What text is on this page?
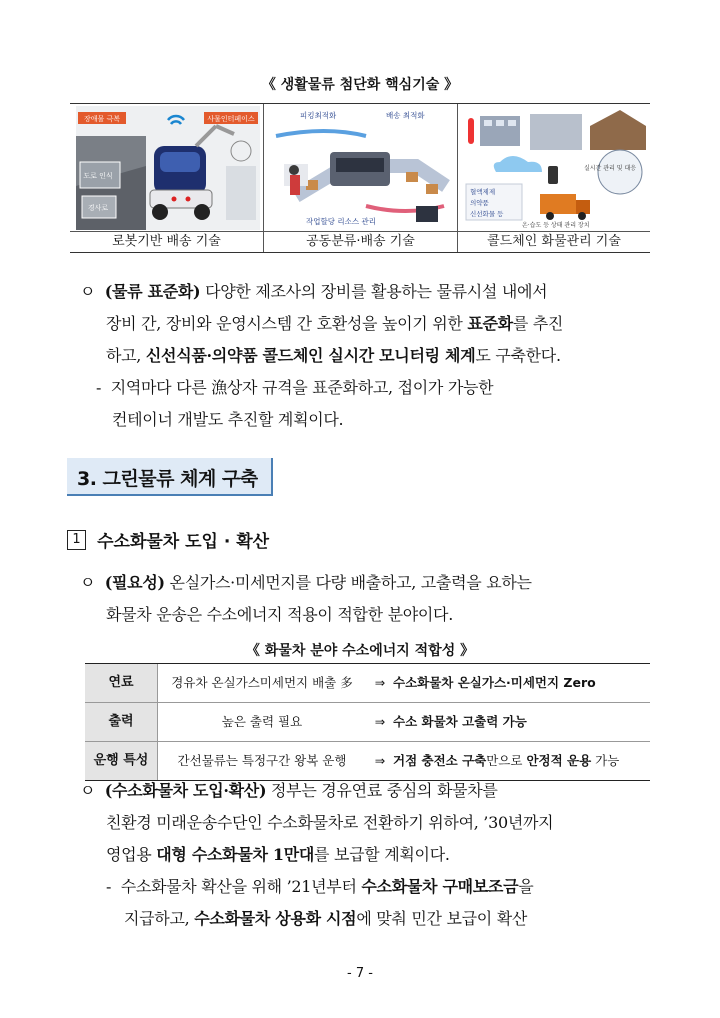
《 생활물류 첨단화 핵심기술 》
장애물 극복	사물인터페이스
도로 인식
경사로
피킹최적화	배송 최적화
작업할당 리소스 관리
혈액제제
의약품
신선화물 등
실시간 관리 및 대응
온·습도 등 상태 관리 장치
로봇기반 배송 기술	공동분류·배송 기술	콜드체인 화물관리 기술
ㅇ (물류 표준화) 다양한 제조사의 장비를 활용하는 물류시설 내에서
장비 간, 장비와 운영시스템 간 호환성을 높이기 위한 표준화를 추진
하고, 신선식품·의약품 콜드체인 실시간 모니터링 체계도 구축한다.
- 지역마다 다른 漁상자 규격을 표준화하고, 접이가 가능한
컨테이너 개발도 추진할 계획이다.
3. 그린물류 체계 구축
1 수소화물차 도입 · 확산
ㅇ (필요성) 온실가스·미세먼지를 다량 배출하고, 고출력을 요하는
화물차 운송은 수소에너지 적용이 적합한 분야이다.
《 화물차 분야 수소에너지 적합성 》
연료	경유차 온실가스미세먼지 배출 多	⇒ 수소화물차 온실가스·미세먼지 Zero
출력	높은 출력 필요	⇒ 수소 화물차 고출력 가능
운행 특성	간선물류는 특정구간 왕복 운행	⇒ 거점 충전소 구축만으로 안정적 운용 가능
ㅇ (수소화물차 도입·확산) 정부는 경유연료 중심의 화물차를
친환경 미래운송수단인 수소화물차로 전환하기 위하여, ’30년까지
영업용 대형 수소화물차 1만대를 보급할 계획이다.
- 수소화물차 확산을 위해 ’21년부터 수소화물차 구매보조금을
지급하고, 수소화물차 상용화 시점에 맞춰 민간 보급이 확산
- 7 -
